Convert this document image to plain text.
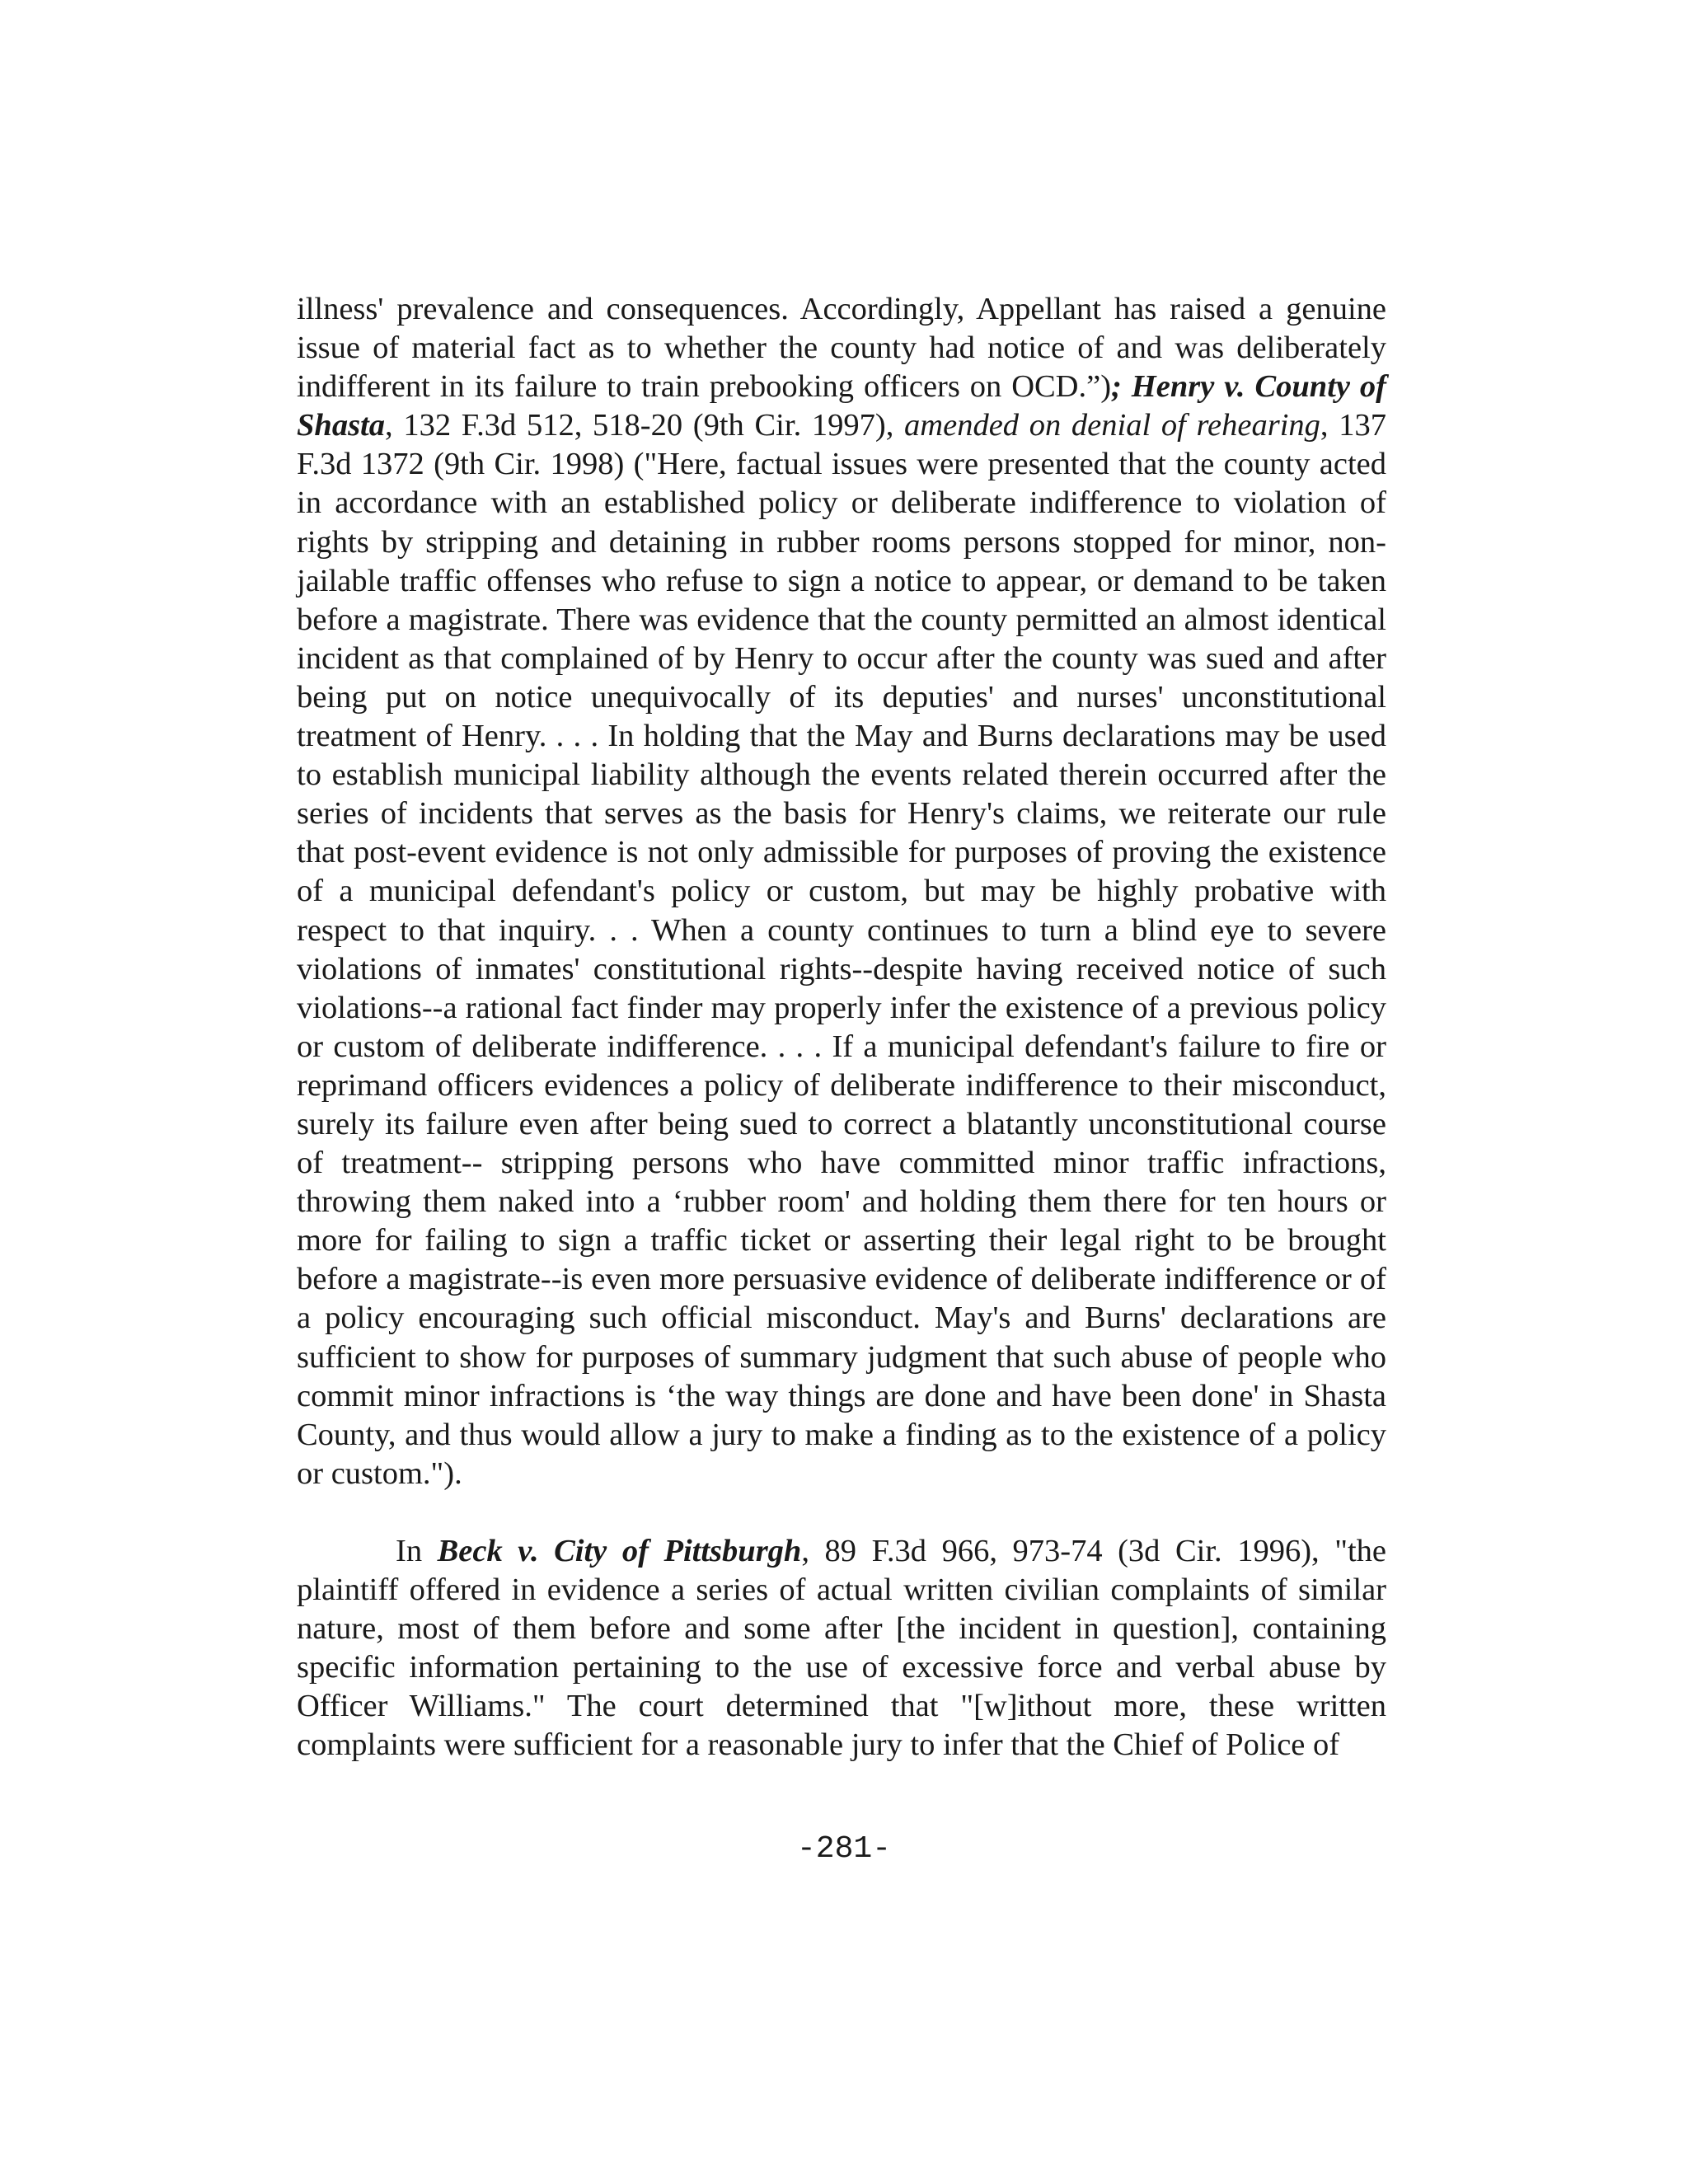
illness' prevalence and consequences. Accordingly, Appellant has raised a genuine issue of material fact as to whether the county had notice of and was deliberately indifferent in its failure to train prebooking officers on OCD.”); Henry v. County of Shasta, 132 F.3d 512, 518-20 (9th Cir. 1997), amended on denial of rehearing, 137 F.3d 1372 (9th Cir. 1998) ("Here, factual issues were presented that the county acted in accordance with an established policy or deliberate indifference to violation of rights by stripping and detaining in rubber rooms persons stopped for minor, non-jailable traffic offenses who refuse to sign a notice to appear, or demand to be taken before a magistrate. There was evidence that the county permitted an almost identical incident as that complained of by Henry to occur after the county was sued and after being put on notice unequivocally of its deputies' and nurses' unconstitutional treatment of Henry. . . . In holding that the May and Burns declarations may be used to establish municipal liability although the events related therein occurred after the series of incidents that serves as the basis for Henry's claims, we reiterate our rule that post-event evidence is not only admissible for purposes of proving the existence of a municipal defendant's policy or custom, but may be highly probative with respect to that inquiry. . . When a county continues to turn a blind eye to severe violations of inmates' constitutional rights--despite having received notice of such violations--a rational fact finder may properly infer the existence of a previous policy or custom of deliberate indifference. . . . If a municipal defendant's failure to fire or reprimand officers evidences a policy of deliberate indifference to their misconduct, surely its failure even after being sued to correct a blatantly unconstitutional course of treatment-- stripping persons who have committed minor traffic infractions, throwing them naked into a ‘rubber room' and holding them there for ten hours or more for failing to sign a traffic ticket or asserting their legal right to be brought before a magistrate--is even more persuasive evidence of deliberate indifference or of a policy encouraging such official misconduct. May's and Burns' declarations are sufficient to show for purposes of summary judgment that such abuse of people who commit minor infractions is ‘the way things are done and have been done' in Shasta County, and thus would allow a jury to make a finding as to the existence of a policy or custom.").

In Beck v. City of Pittsburgh, 89 F.3d 966, 973-74 (3d Cir. 1996), "the plaintiff offered in evidence a series of actual written civilian complaints of similar nature, most of them before and some after [the incident in question], containing specific information pertaining to the use of excessive force and verbal abuse by Officer Williams." The court determined that "[w]ithout more, these written complaints were sufficient for a reasonable jury to infer that the Chief of Police of

-281-
